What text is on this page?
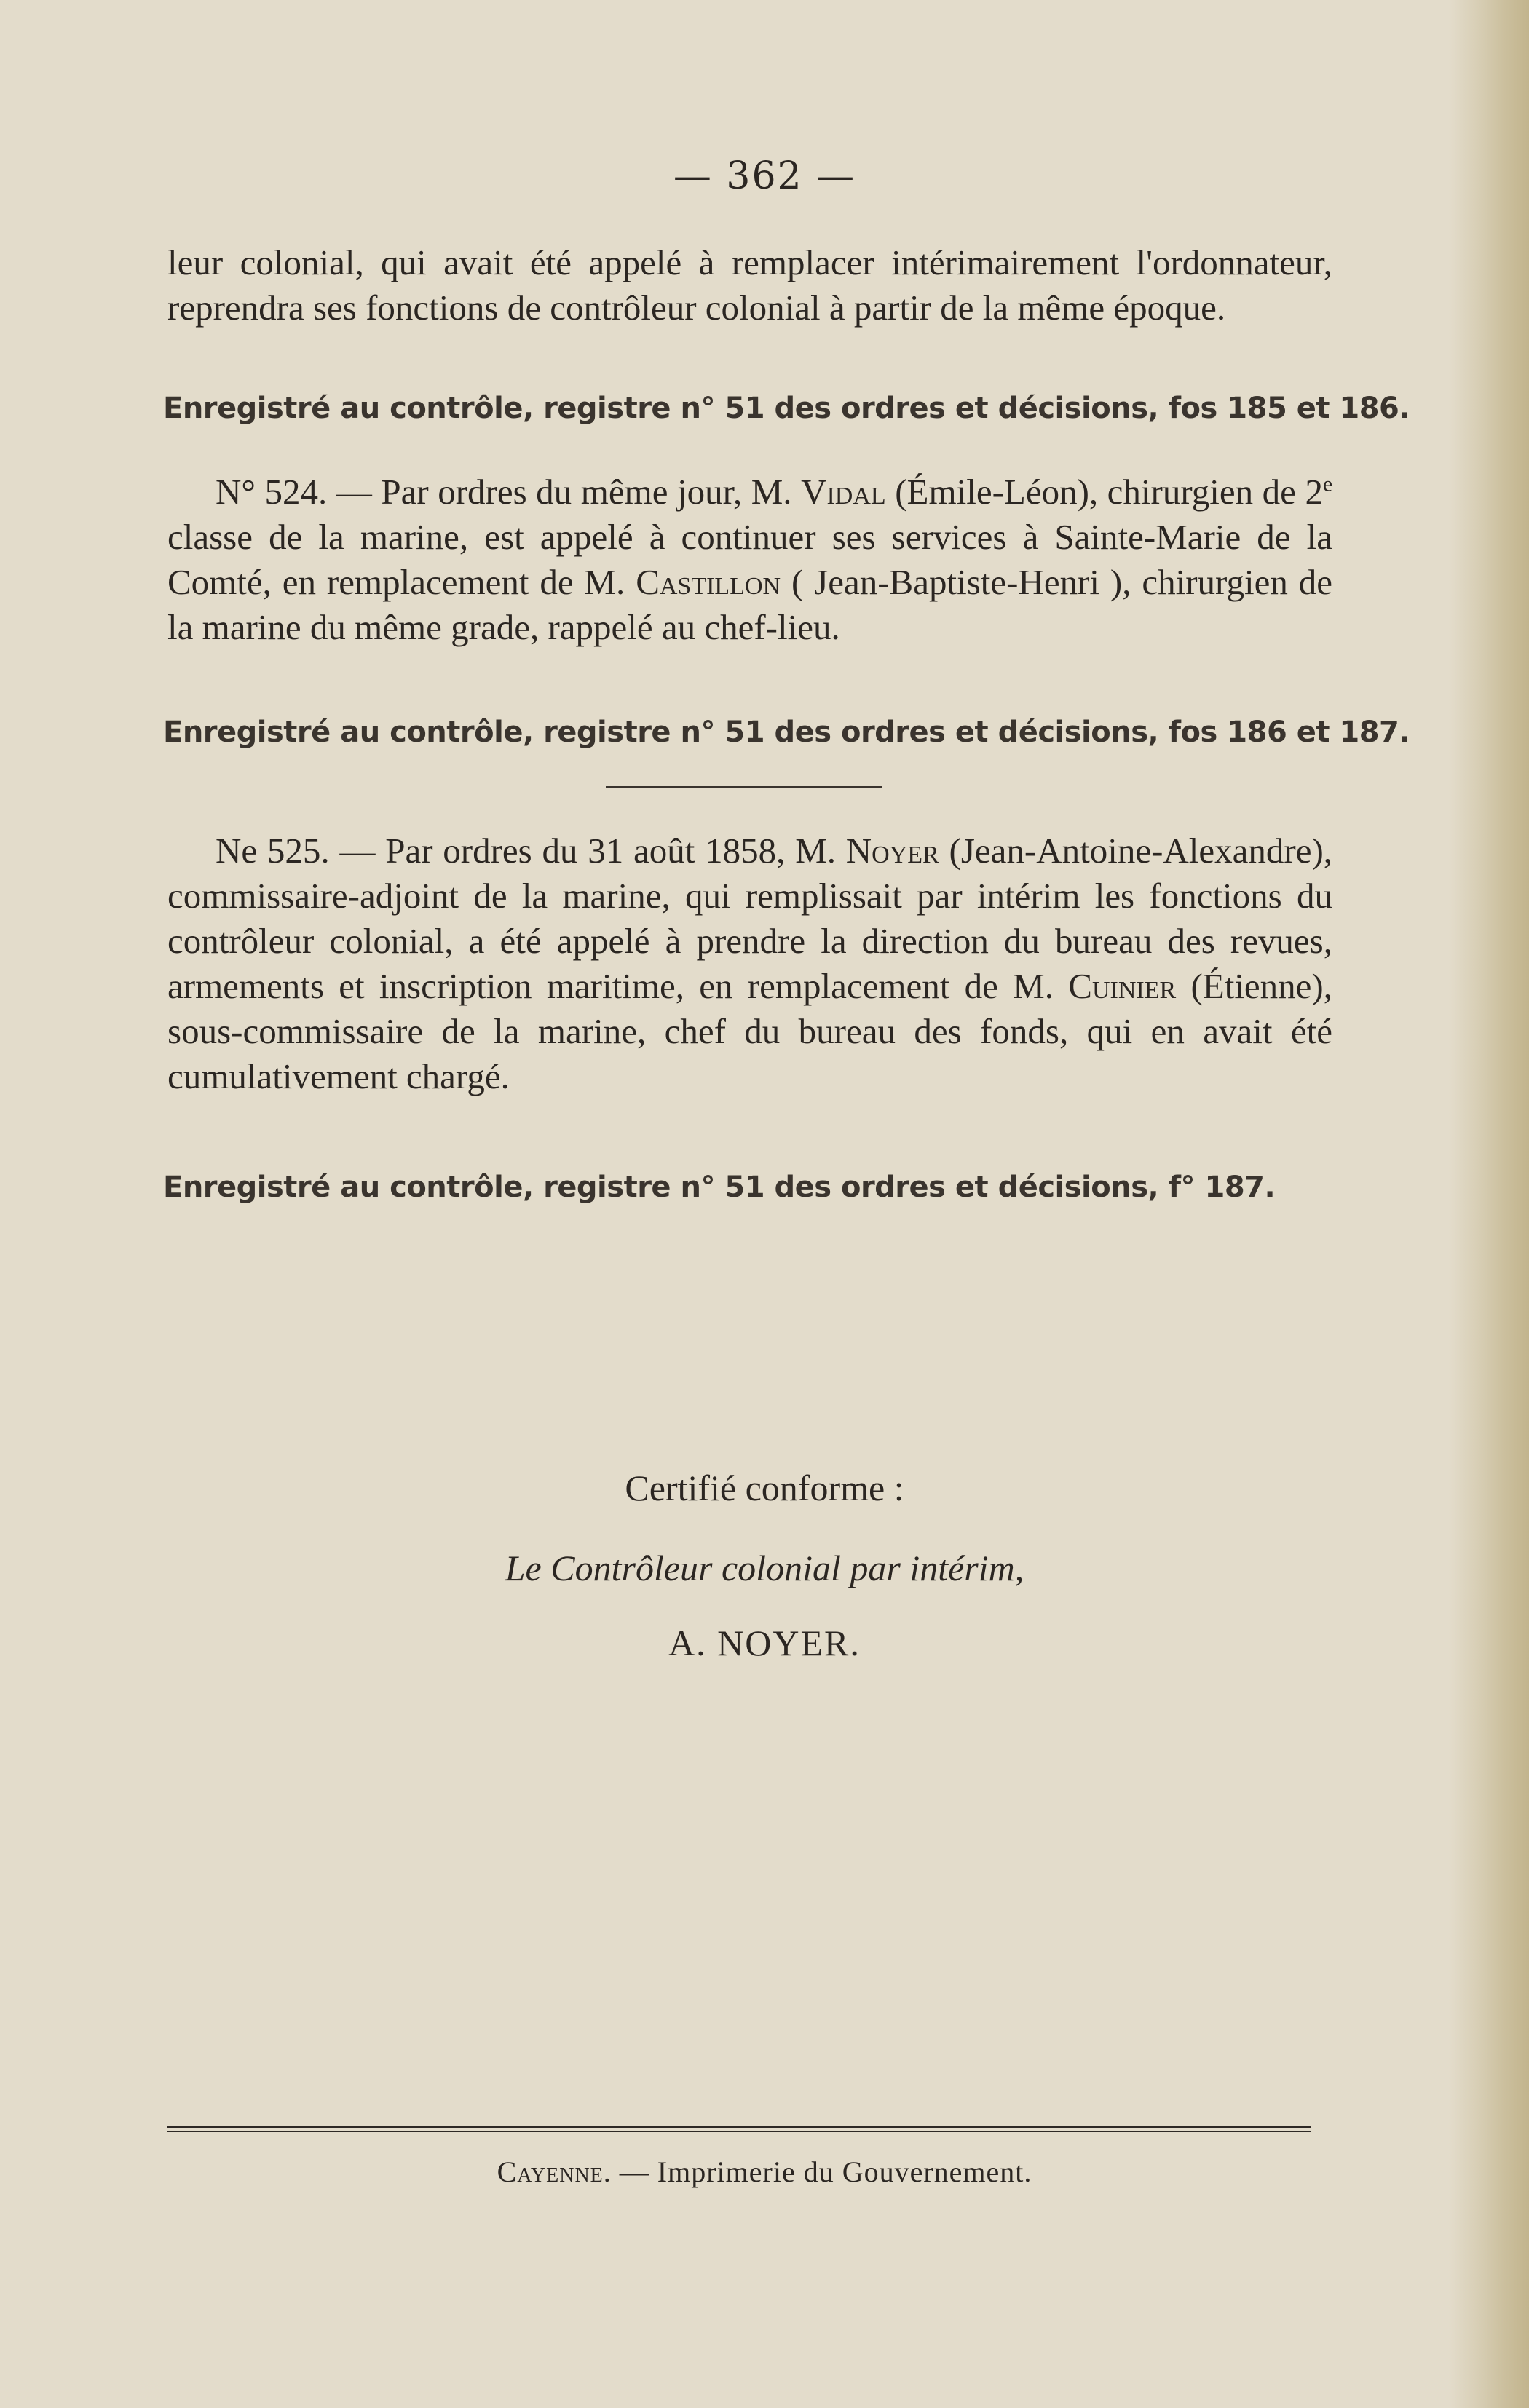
— 362 —

leur colonial, qui avait été appelé à remplacer intérimairement l'ordonnateur, reprendra ses fonctions de contrôleur colonial à partir de la même époque.

Enregistré au contrôle, registre n° 51 des ordres et décisions, fos 185 et 186.

N° 524. — Par ordres du même jour, M. Vidal (Émile-Léon), chirurgien de 2e classe de la marine, est appelé à continuer ses services à Sainte-Marie de la Comté, en remplacement de M. Castillon ( Jean-Baptiste-Henri ), chirurgien de la marine du même grade, rappelé au chef-lieu.

Enregistré au contrôle, registre n° 51 des ordres et décisions, fos 186 et 187.

Ne 525. — Par ordres du 31 août 1858, M. Noyer (Jean-Antoine-Alexandre), commissaire-adjoint de la marine, qui remplissait par intérim les fonctions du contrôleur colonial, a été appelé à prendre la direction du bureau des revues, armements et inscription maritime, en remplacement de M. Cuinier (Étienne), sous-commissaire de la marine, chef du bureau des fonds, qui en avait été cumulativement chargé.

Enregistré au contrôle, registre n° 51 des ordres et décisions, f° 187.
Certifié conforme :
Le Contrôleur colonial par intérim,
A. NOYER.
Cayenne. — Imprimerie du Gouvernement.
